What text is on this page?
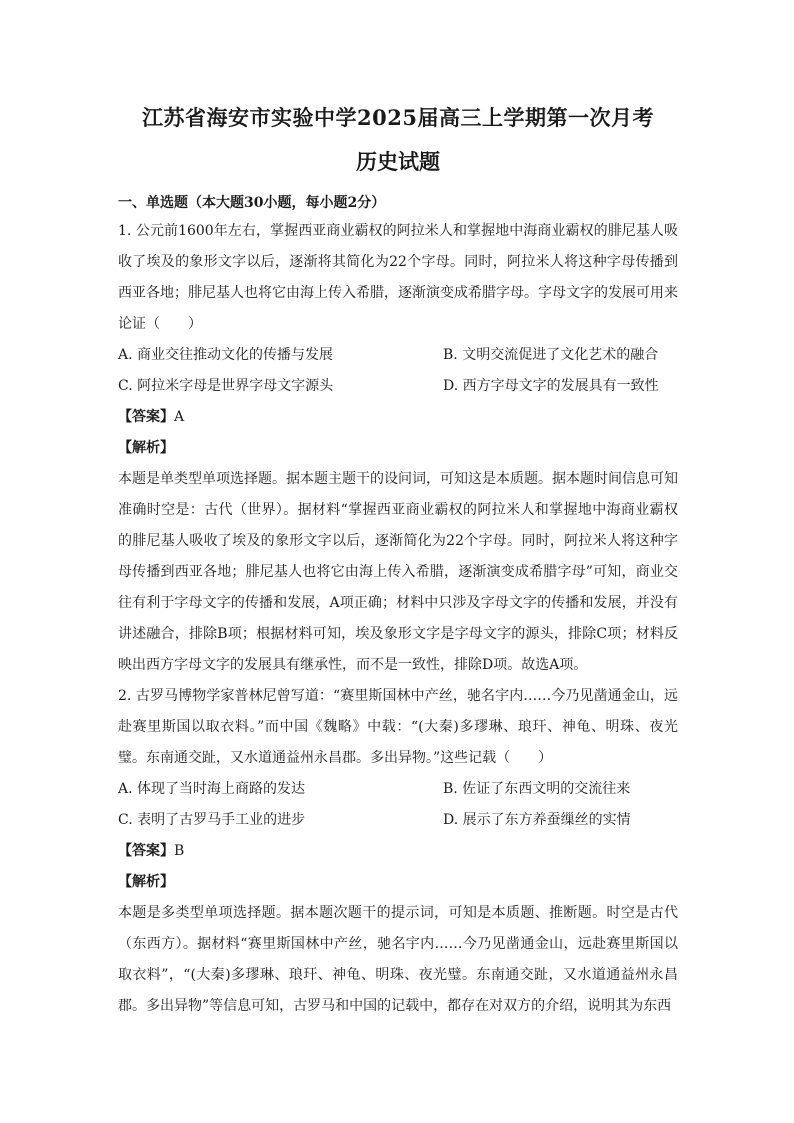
江苏省海安市实验中学2025届高三上学期第一次月考
历史试题
一、单选题（本大题30小题，每小题2分）

1. 公元前1600年左右，掌握西亚商业霸权的阿拉米人和掌握地中海商业霸权的腓尼基人吸收了埃及的象形文字以后，逐渐将其简化为22个字母。同时，阿拉米人将这种字母传播到西亚各地；腓尼基人也将它由海上传入希腊，逐渐演变成希腊字母。字母文字的发展可用来论证（　　）

A. 商业交往推动文化的传播与发展	B. 文明交流促进了文化艺术的融合
C. 阿拉米字母是世界字母文字源头	D. 西方字母文字的发展具有一致性

【答案】A

【解析】

本题是单类型单项选择题。据本题主题干的设问词，可知这是本质题。据本题时间信息可知准确时空是：古代（世界）。据材料“掌握西亚商业霸权的阿拉米人和掌握地中海商业霸权的腓尼基人吸收了埃及的象形文字以后，逐渐简化为22个字母。同时，阿拉米人将这种字母传播到西亚各地；腓尼基人也将它由海上传入希腊，逐渐演变成希腊字母”可知，商业交往有利于字母文字的传播和发展，A项正确；材料中只涉及字母文字的传播和发展，并没有讲述融合，排除B项；根据材料可知，埃及象形文字是字母文字的源头，排除C项；材料反映出西方字母文字的发展具有继承性，而不是一致性，排除D项。故选A项。

2. 古罗马博物学家普林尼曾写道：“赛里斯国林中产丝，驰名宇内……今乃见凿通金山，远赴赛里斯国以取衣料。”而中国《魏略》中载：“(大秦)多璆琳、琅玕、神龟、明珠、夜光璧。东南通交趾，又水道通益州永昌郡。多出异物。”这些记载（　　）

A. 体现了当时海上商路的发达	B. 佐证了东西文明的交流往来
C. 表明了古罗马手工业的进步	D. 展示了东方养蚕缫丝的实情

【答案】B

【解析】

本题是多类型单项选择题。据本题次题干的提示词，可知是本质题、推断题。时空是古代（东西方）。据材料“赛里斯国林中产丝，驰名宇内……今乃见凿通金山，远赴赛里斯国以取衣料”，“(大秦)多璆琳、琅玕、神龟、明珠、夜光璧。东南通交趾，又水道通益州永昌郡。多出异物”等信息可知，古罗马和中国的记载中，都存在对双方的介绍，说明其为东西
